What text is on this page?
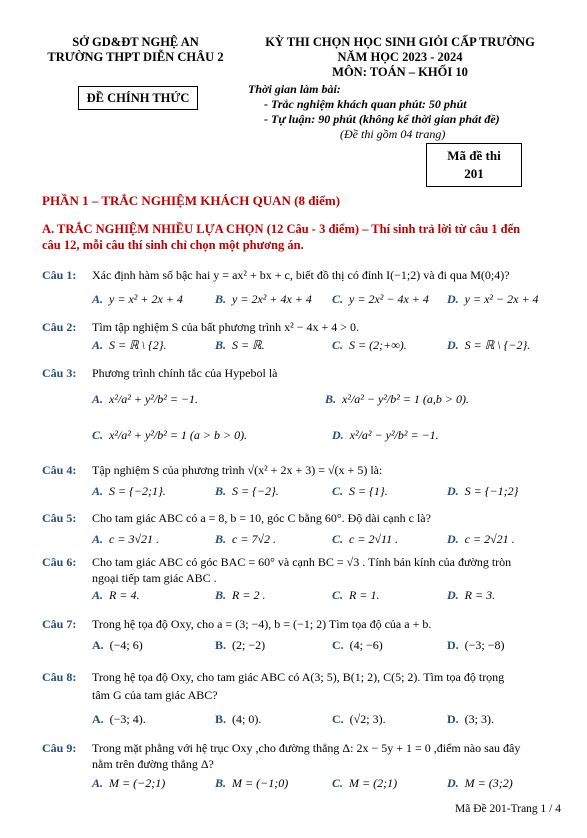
SỞ GD&ĐT NGHỆ AN
TRƯỜNG THPT DIỄN CHÂU 2
ĐỀ CHÍNH THỨC
KỲ THI CHỌN HỌC SINH GIỎI CẤP TRƯỜNG
NĂM HỌC 2023 - 2024
MÔN: TOÁN – KHỐI 10
Thời gian làm bài:
- Trắc nghiệm khách quan phút: 50 phút
- Tự luận: 90 phút (không kể thời gian phát đề)
(Đề thi gồm 04 trang)
Mã đề thi
201
PHẦN 1 – TRẮC NGHIỆM KHÁCH QUAN (8 điểm)
A. TRẮC NGHIỆM NHIỀU LỰA CHỌN (12 Câu - 3 điểm) – Thí sinh trả lời từ câu 1 đến
câu 12, mỗi câu thí sinh chỉ chọn một phương án.
Câu 1:	Xác định hàm số bậc hai y = ax² + bx + c, biết đồ thị có đỉnh I(−1;2) và đi qua M(0;4)?
A. y = x² + 2x + 4	B. y = 2x² + 4x + 4 C. y = 2x² − 4x + 4 D. y = x² − 2x + 4
Câu 2:	Tìm tập nghiệm S của bất phương trình x² − 4x + 4 > 0.
A. S = ℝ \ {2}.	B. S = ℝ.	C. S = (2;+∞).	D. S = ℝ \ {−2}.
Câu 3:	Phương trình chính tắc của Hypebol là
A. x²/a² + y²/b² = −1.	B. x²/a² − y²/b² = 1 (a,b > 0).
C. x²/a² + y²/b² = 1 (a > b > 0).	D. x²/a² − y²/b² = −1.
Câu 4:	Tập nghiệm S của phương trình √(x² + 2x + 3) = √(x + 5) là:
A. S = {−2;1}.	B. S = {−2}.	C. S = {1}.	D. S = {−1;2}
Câu 5:	Cho tam giác ABC có a = 8, b = 10, góc C bằng 60°. Độ dài cạnh c là?
A. c = 3√21 .	B. c = 7√2 .	C. c = 2√11 .	D. c = 2√21 .
Câu 6:	Cho tam giác ABC có góc BAC = 60° và cạnh BC = √3 . Tính bán kính của đường tròn
ngoại tiếp tam giác ABC .
A. R = 4.	B. R = 2 .	C. R = 1.	D. R = 3.
Câu 7:	Trong hệ tọa độ Oxy, cho a = (3; −4), b = (−1; 2) Tìm tọa độ của a + b.
A. (−4; 6)	B. (2; −2)	C. (4; −6)	D. (−3; −8)
Câu 8:	Trong hệ tọa độ Oxy, cho tam giác ABC có A(3; 5), B(1; 2), C(5; 2). Tìm tọa độ trọng
tâm G của tam giác ABC?
A. (−3; 4).	B. (4; 0).	C. (√2; 3).	D. (3; 3).
Câu 9:	Trong mặt phẳng với hệ trục Oxy ,cho đường thẳng Δ: 2x − 5y + 1 = 0 ,điểm nào sau đây
nằm trên đường thẳng Δ?
A. M = (−2;1)	B. M = (−1;0)	C. M = (2;1)	D. M = (3;2)
Mã Đề 201-Trang 1 / 4
